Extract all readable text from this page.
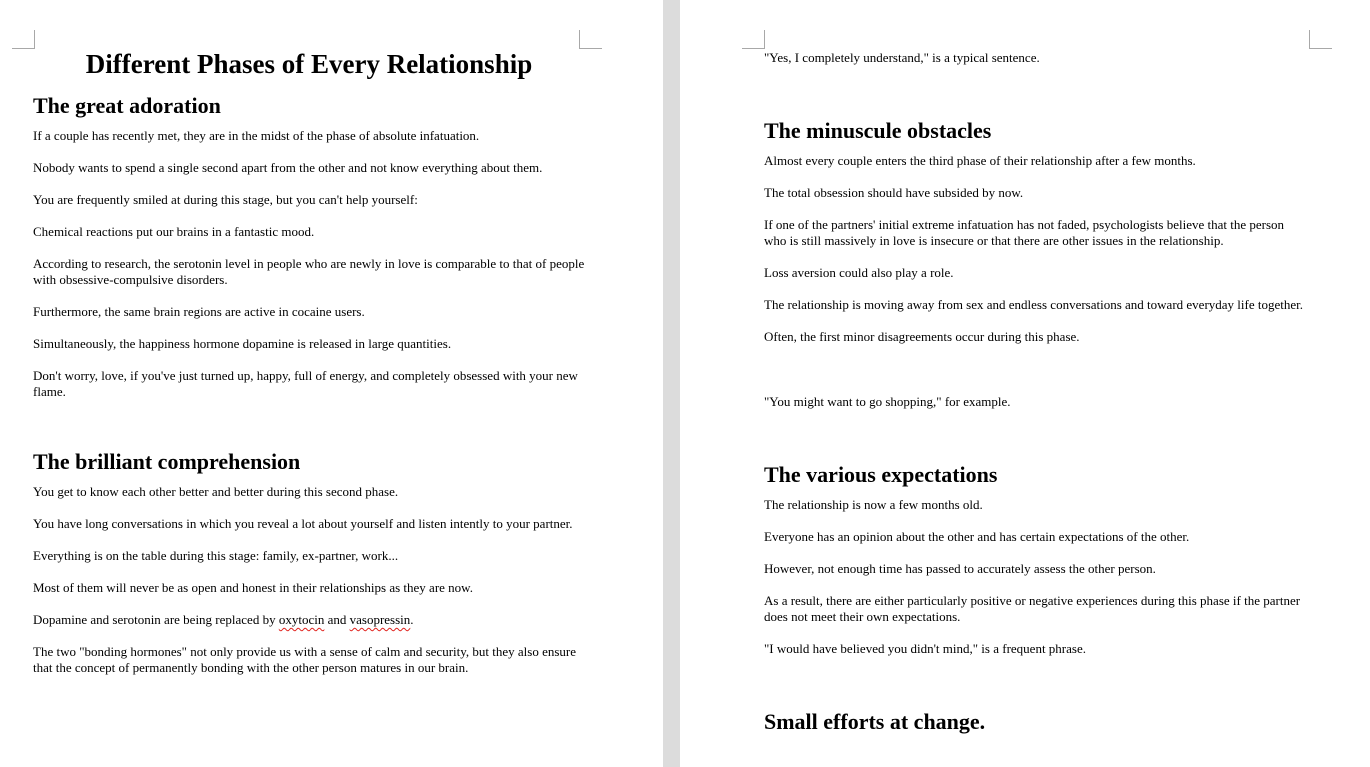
Different Phases of Every Relationship
The great adoration

If a couple has recently met, they are in the midst of the phase of absolute infatuation.

Nobody wants to spend a single second apart from the other and not know everything about them.

You are frequently smiled at during this stage, but you can't help yourself:

Chemical reactions put our brains in a fantastic mood.

According to research, the serotonin level in people who are newly in love is comparable to that of people with obsessive-compulsive disorders.

Furthermore, the same brain regions are active in cocaine users.

Simultaneously, the happiness hormone dopamine is released in large quantities.

Don't worry, love, if you've just turned up, happy, full of energy, and completely obsessed with your new flame.

The brilliant comprehension

You get to know each other better and better during this second phase.

You have long conversations in which you reveal a lot about yourself and listen intently to your partner.

Everything is on the table during this stage: family, ex-partner, work...

Most of them will never be as open and honest in their relationships as they are now.

Dopamine and serotonin are being replaced by oxytocin and vasopressin.

The two "bonding hormones" not only provide us with a sense of calm and security, but they also ensure that the concept of permanently bonding with the other person matures in our brain.

"Yes, I completely understand," is a typical sentence.

The minuscule obstacles

Almost every couple enters the third phase of their relationship after a few months.

The total obsession should have subsided by now.

If one of the partners' initial extreme infatuation has not faded, psychologists believe that the person who is still massively in love is insecure or that there are other issues in the relationship.

Loss aversion could also play a role.

The relationship is moving away from sex and endless conversations and toward everyday life together.

Often, the first minor disagreements occur during this phase.

"You might want to go shopping," for example.

The various expectations

The relationship is now a few months old.

Everyone has an opinion about the other and has certain expectations of the other.

However, not enough time has passed to accurately assess the other person.

As a result, there are either particularly positive or negative experiences during this phase if the partner does not meet their own expectations.

"I would have believed you didn't mind," is a frequent phrase.

Small efforts at change.
